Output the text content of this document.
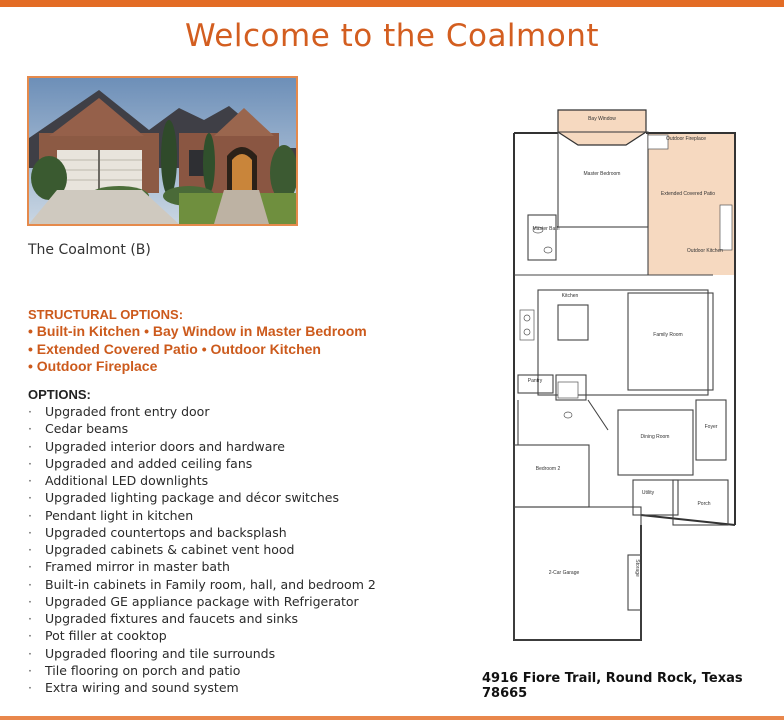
Welcome to the Coalmont
The Coalmont (B)
STRUCTURAL OPTIONS:
• Built-in Kitchen • Bay Window in Master Bedroom
• Extended Covered Patio • Outdoor Kitchen
• Outdoor Fireplace
OPTIONS:
· Upgraded front entry door
· Cedar beams
· Upgraded interior doors and hardware
· Upgraded and added ceiling fans
· Additional LED downlights
· Upgraded lighting package and décor switches
· Pendant light in kitchen
· Upgraded countertops and backsplash
· Upgraded cabinets & cabinet vent hood
· Framed mirror in master bath
· Built-in cabinets in Family room, hall, and bedroom 2
· Upgraded GE appliance package with Refrigerator
· Upgraded fixtures and faucets and sinks
· Pot filler at cooktop
· Upgraded flooring and tile surrounds
· Tile flooring on porch and patio
· Extra wiring and sound system
Bay Window
Outdoor Fireplace
Master Bedroom
Extended Covered Patio
Master Bath
Outdoor Kitchen
Kitchen
Family Room
Pantry
Dining Room
Foyer
Bedroom 2
Utility
Porch
2-Car Garage	Storage
4916 Fiore Trail, Round Rock, Texas 78665
